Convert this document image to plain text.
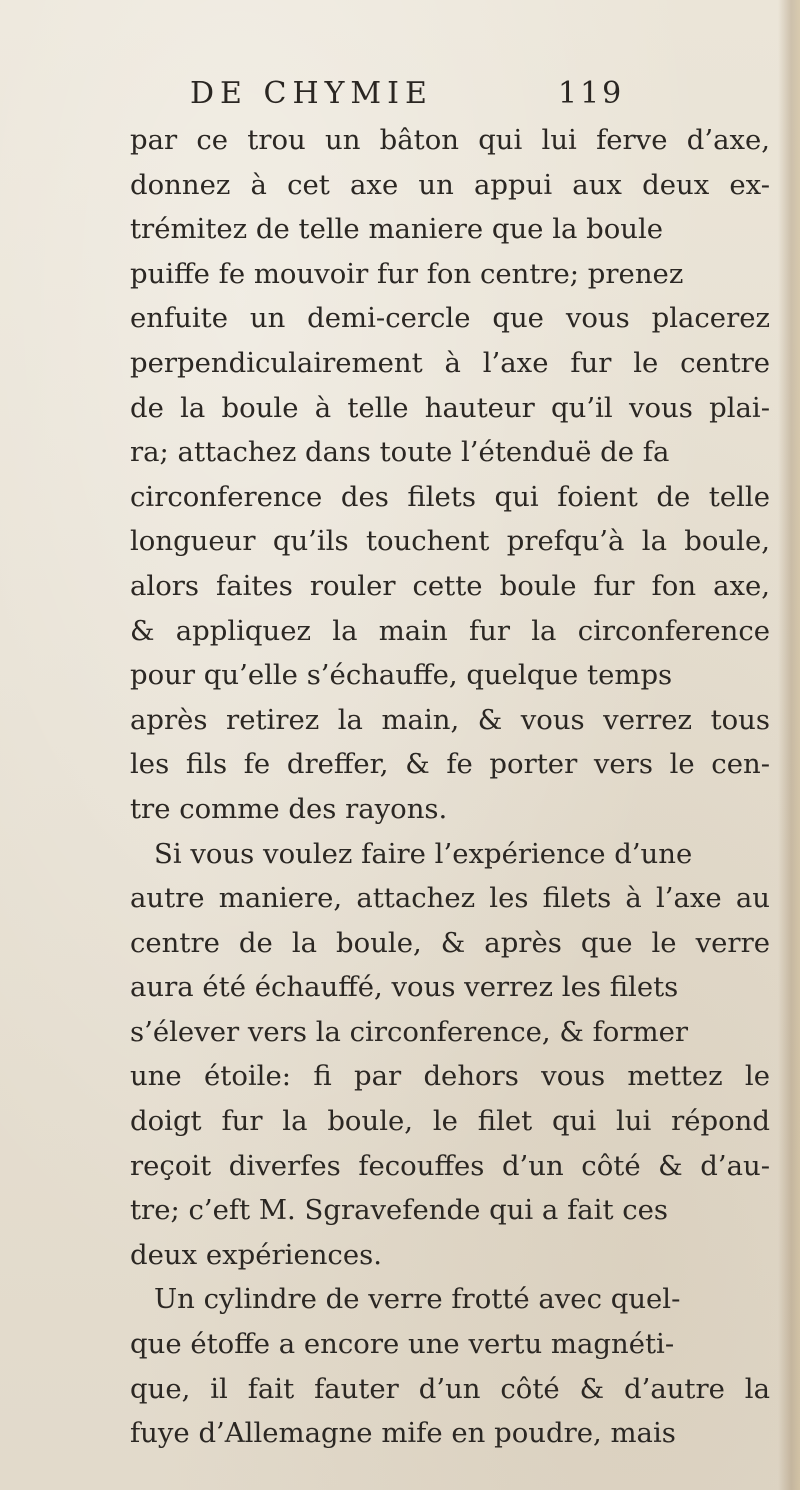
DE CHYMIE	119
par ce trou un bâton qui lui ferve d’axe,
donnez à cet axe un appui aux deux ex-
trémitez de telle maniere que la boule
puiffe fe mouvoir fur fon centre; prenez
enfuite un demi-cercle que vous placerez
perpendiculairement à l’axe fur le centre
de la boule à telle hauteur qu’il vous plai-
ra; attachez dans toute l’étenduë de fa
circonference des filets qui foient de telle
longueur qu’ils touchent prefqu’à la boule,
alors faites rouler cette boule fur fon axe,
& appliquez la main fur la circonference
pour qu’elle s’échauffe, quelque temps
après retirez la main, & vous verrez tous
les fils fe dreffer, & fe porter vers le cen-
tre comme des rayons.
Si vous voulez faire l’expérience d’une
autre maniere, attachez les filets à l’axe au
centre de la boule, & après que le verre
aura été échauffé, vous verrez les filets
s’élever vers la circonference, & former
une étoile: fi par dehors vous mettez le
doigt fur la boule, le filet qui lui répond
reçoit diverfes fecouffes d’un côté & d’au-
tre; c’eft M. Sgravefende qui a fait ces
deux expériences.
Un cylindre de verre frotté avec quel-
que étoffe a encore une vertu magnéti-
que, il fait fauter d’un côté & d’autre la
fuye d’Allemagne mife en poudre, mais
